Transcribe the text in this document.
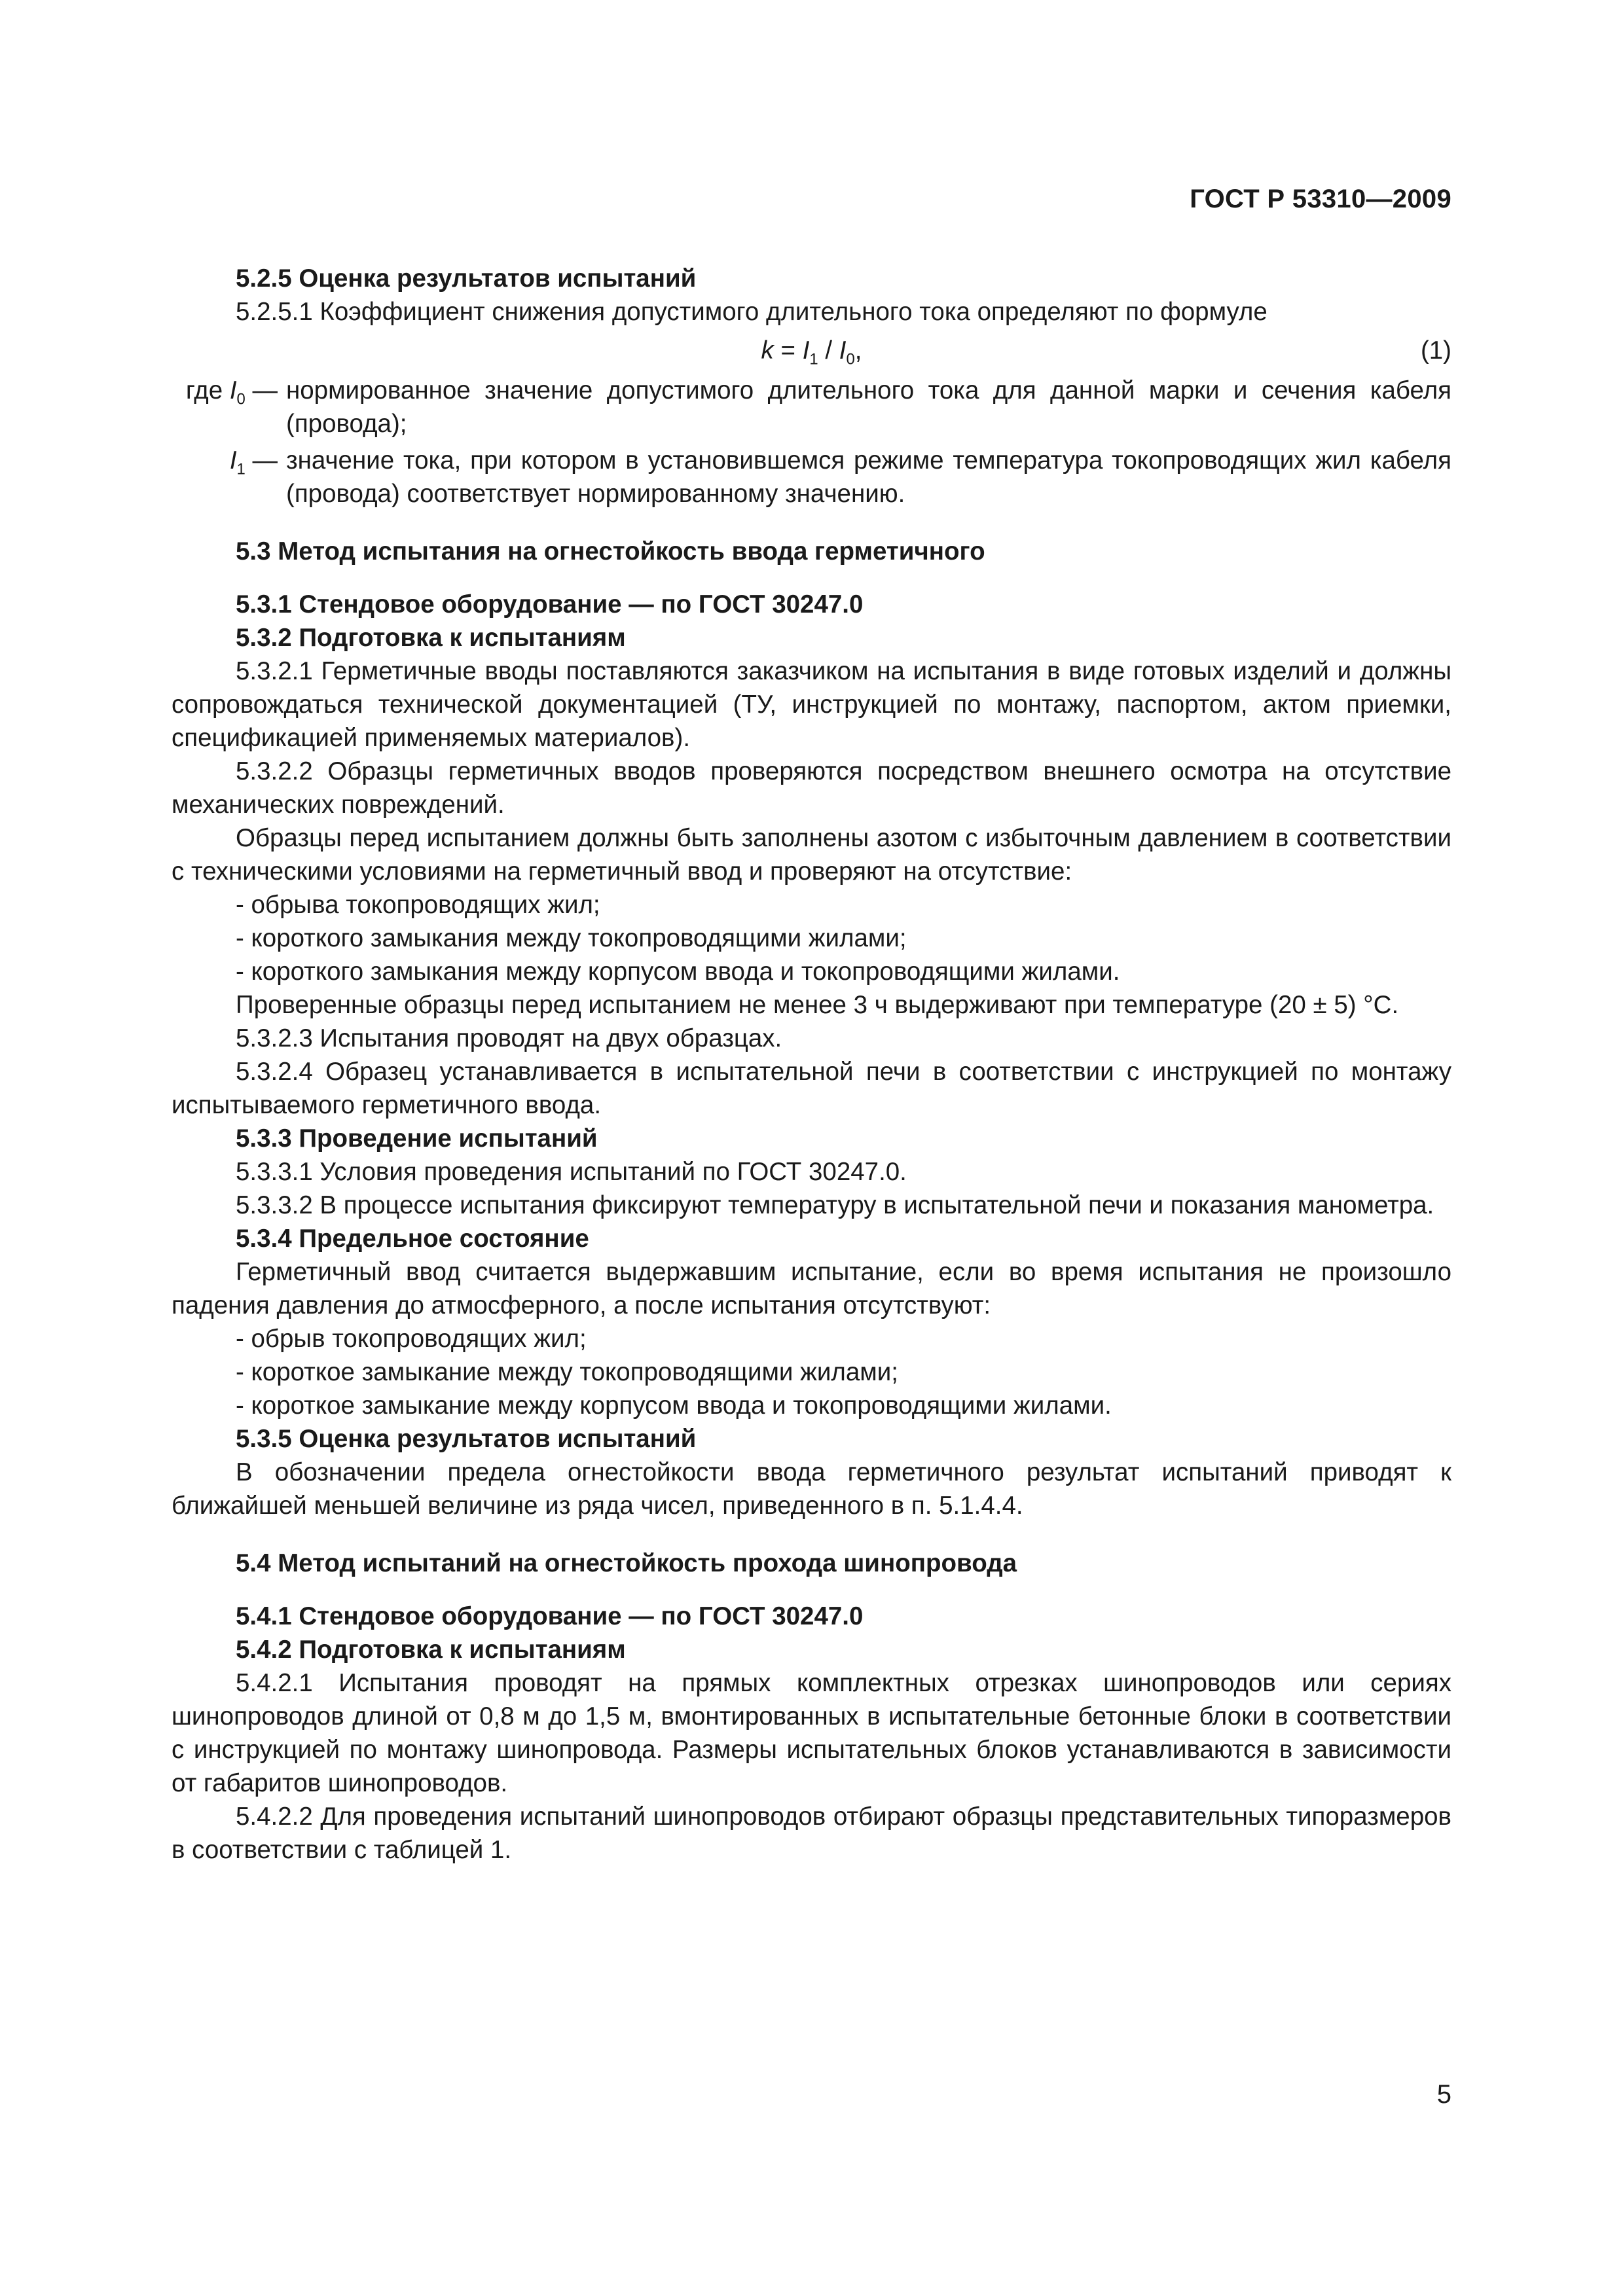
ГОСТ Р 53310—2009

5.2.5 Оценка результатов испытаний

5.2.5.1 Коэффициент снижения допустимого длительного тока определяют по формуле

$k = I_1 / I_0$,	(1)
где $I_0$ — нормированное значение допустимого длительного тока для данной марки и сечения кабеля (провода);
$I_1$ — значение тока, при котором в установившемся режиме температура токопроводящих жил кабеля (провода) соответствует нормированному значению.

5.3 Метод испытания на огнестойкость ввода герметичного

5.3.1 Стендовое оборудование — по ГОСТ 30247.0

5.3.2 Подготовка к испытаниям

5.3.2.1 Герметичные вводы поставляются заказчиком на испытания в виде готовых изделий и должны сопровождаться технической документацией (ТУ, инструкцией по монтажу, паспортом, актом приемки, спецификацией применяемых материалов).

5.3.2.2 Образцы герметичных вводов проверяются посредством внешнего осмотра на отсутствие механических повреждений.

Образцы перед испытанием должны быть заполнены азотом с избыточным давлением в соответствии с техническими условиями на герметичный ввод и проверяют на отсутствие:

- обрыва токопроводящих жил;

- короткого замыкания между токопроводящими жилами;

- короткого замыкания между корпусом ввода и токопроводящими жилами.

Проверенные образцы перед испытанием не менее 3 ч выдерживают при температуре (20 ± 5) °С.

5.3.2.3 Испытания проводят на двух образцах.

5.3.2.4 Образец устанавливается в испытательной печи в соответствии с инструкцией по монтажу испытываемого герметичного ввода.

5.3.3 Проведение испытаний

5.3.3.1 Условия проведения испытаний по ГОСТ 30247.0.

5.3.3.2 В процессе испытания фиксируют температуру в испытательной печи и показания манометра.

5.3.4 Предельное состояние

Герметичный ввод считается выдержавшим испытание, если во время испытания не произошло падения давления до атмосферного, а после испытания отсутствуют:

- обрыв токопроводящих жил;

- короткое замыкание между токопроводящими жилами;

- короткое замыкание между корпусом ввода и токопроводящими жилами.

5.3.5 Оценка результатов испытаний

В обозначении предела огнестойкости ввода герметичного результат испытаний приводят к ближайшей меньшей величине из ряда чисел, приведенного в п. 5.1.4.4.

5.4 Метод испытаний на огнестойкость прохода шинопровода

5.4.1 Стендовое оборудование — по ГОСТ 30247.0

5.4.2 Подготовка к испытаниям

5.4.2.1 Испытания проводят на прямых комплектных отрезках шинопроводов или сериях шинопроводов длиной от 0,8 м до 1,5 м, вмонтированных в испытательные бетонные блоки в соответствии с инструкцией по монтажу шинопровода. Размеры испытательных блоков устанавливаются в зависимости от габаритов шинопроводов.

5.4.2.2 Для проведения испытаний шинопроводов отбирают образцы представительных типоразмеров в соответствии с таблицей 1.

5
